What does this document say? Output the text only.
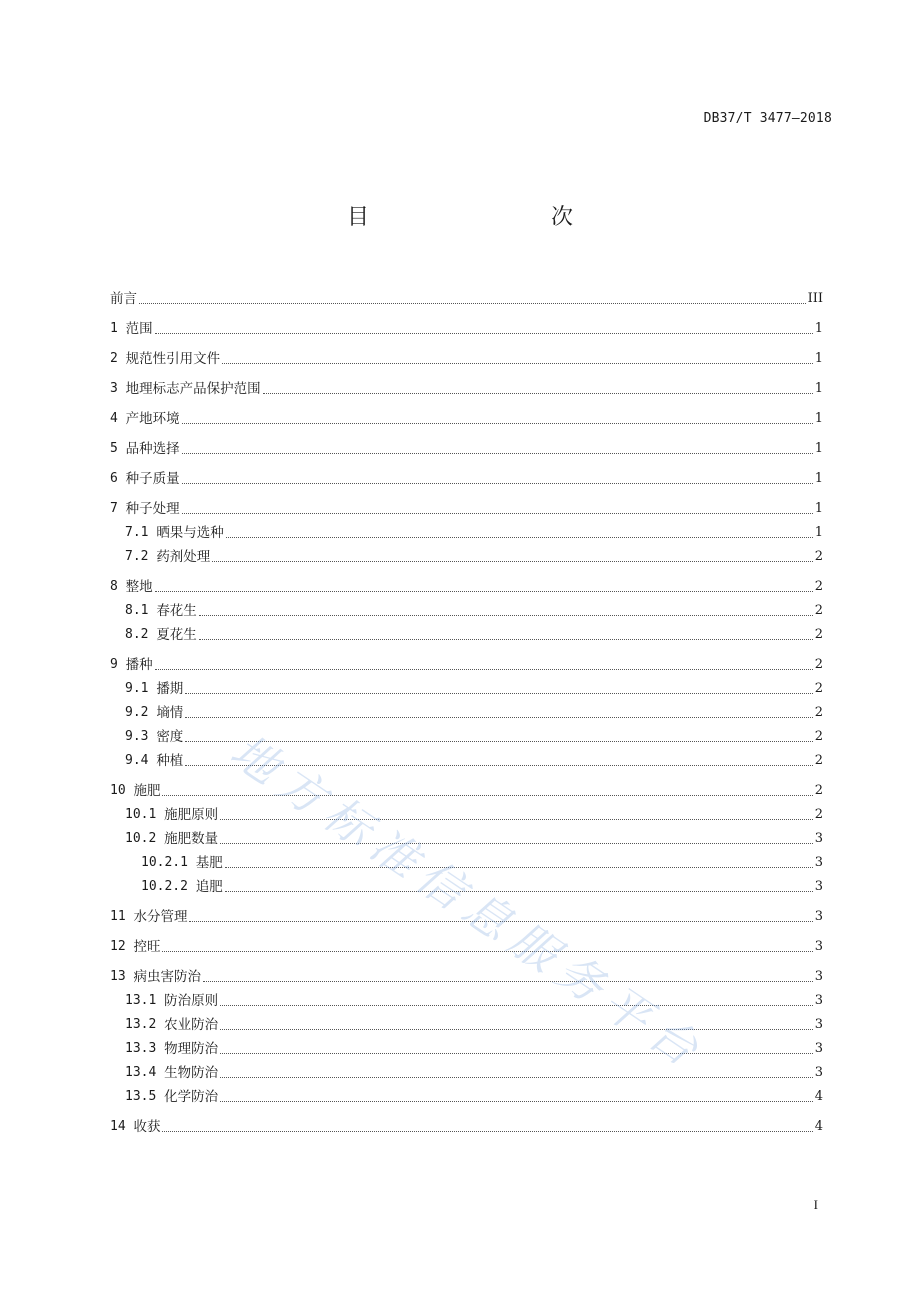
DB37/T 3477—2018
目　　次
前言	III
1 范围	1
2 规范性引用文件	1
3 地理标志产品保护范围	1
4 产地环境	1
5 品种选择	1
6 种子质量	1
7 种子处理	1
7.1 晒果与选种	1
7.2 药剂处理	2
8 整地	2
8.1 春花生	2
8.2 夏花生	2
9 播种	2
9.1 播期	2
9.2 墒情	2
9.3 密度	2
9.4 种植	2
10 施肥	2
10.1 施肥原则	2
10.2 施肥数量	3
10.2.1 基肥	3
10.2.2 追肥	3
11 水分管理	3
12 控旺	3
13 病虫害防治	3
13.1 防治原则	3
13.2 农业防治	3
13.3 物理防治	3
13.4 生物防治	3
13.5 化学防治	4
14 收获	4
地方标准信息服务平台
I
